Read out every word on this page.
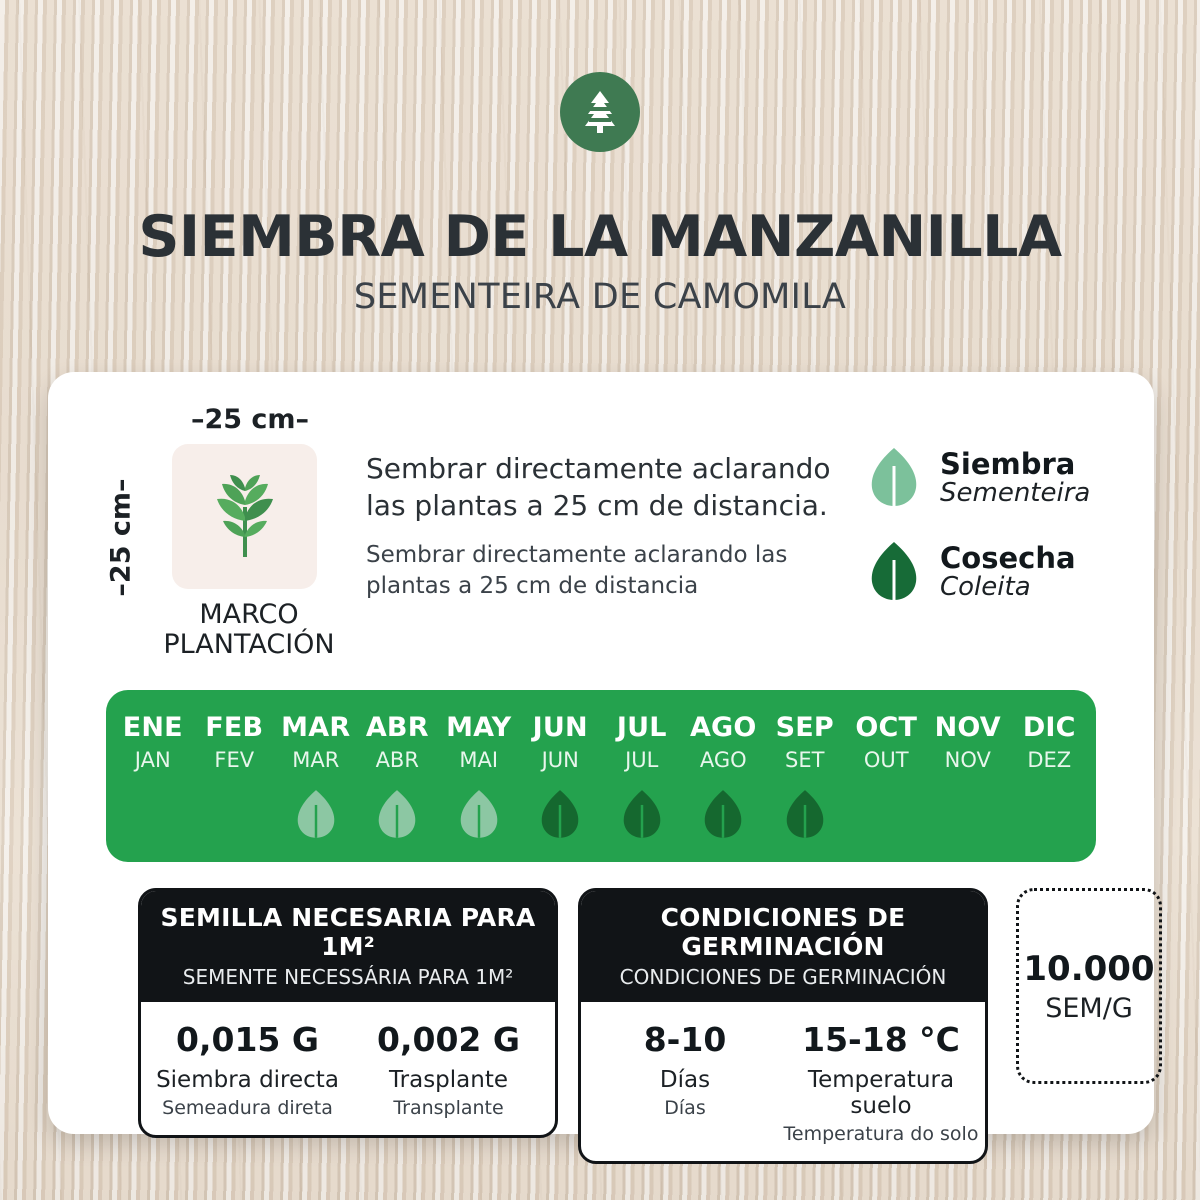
SIEMBRA DE LA MANZANILLA
SEMENTEIRA DE CAMOMILA
–25 cm–
–25 cm–
MARCO
PLANTACIÓN
Sembrar directamente aclarando las plantas a 25 cm de distancia.
Sembrar directamente aclarando las plantas a 25 cm de distancia
Siembra
Sementeira
Cosecha
Coleita
ENE
JAN
FEB
FEV
MAR
MAR
ABR
ABR
MAY
MAI
JUN
JUN
JUL
JUL
AGO
AGO
SEP
SET
OCT
OUT
NOV
NOV
DIC
DEZ
SEMILLA NECESARIA PARA 1M²
SEMENTE NECESSÁRIA PARA 1M²
0,015 G
Siembra directa
Semeadura direta
0,002 G
Trasplante
Transplante
CONDICIONES DE GERMINACIÓN
CONDICIONES DE GERMINACIÓN
8-10
Días
Días
15-18 °C
Temperatura suelo
Temperatura do solo
10.000
SEM/G
